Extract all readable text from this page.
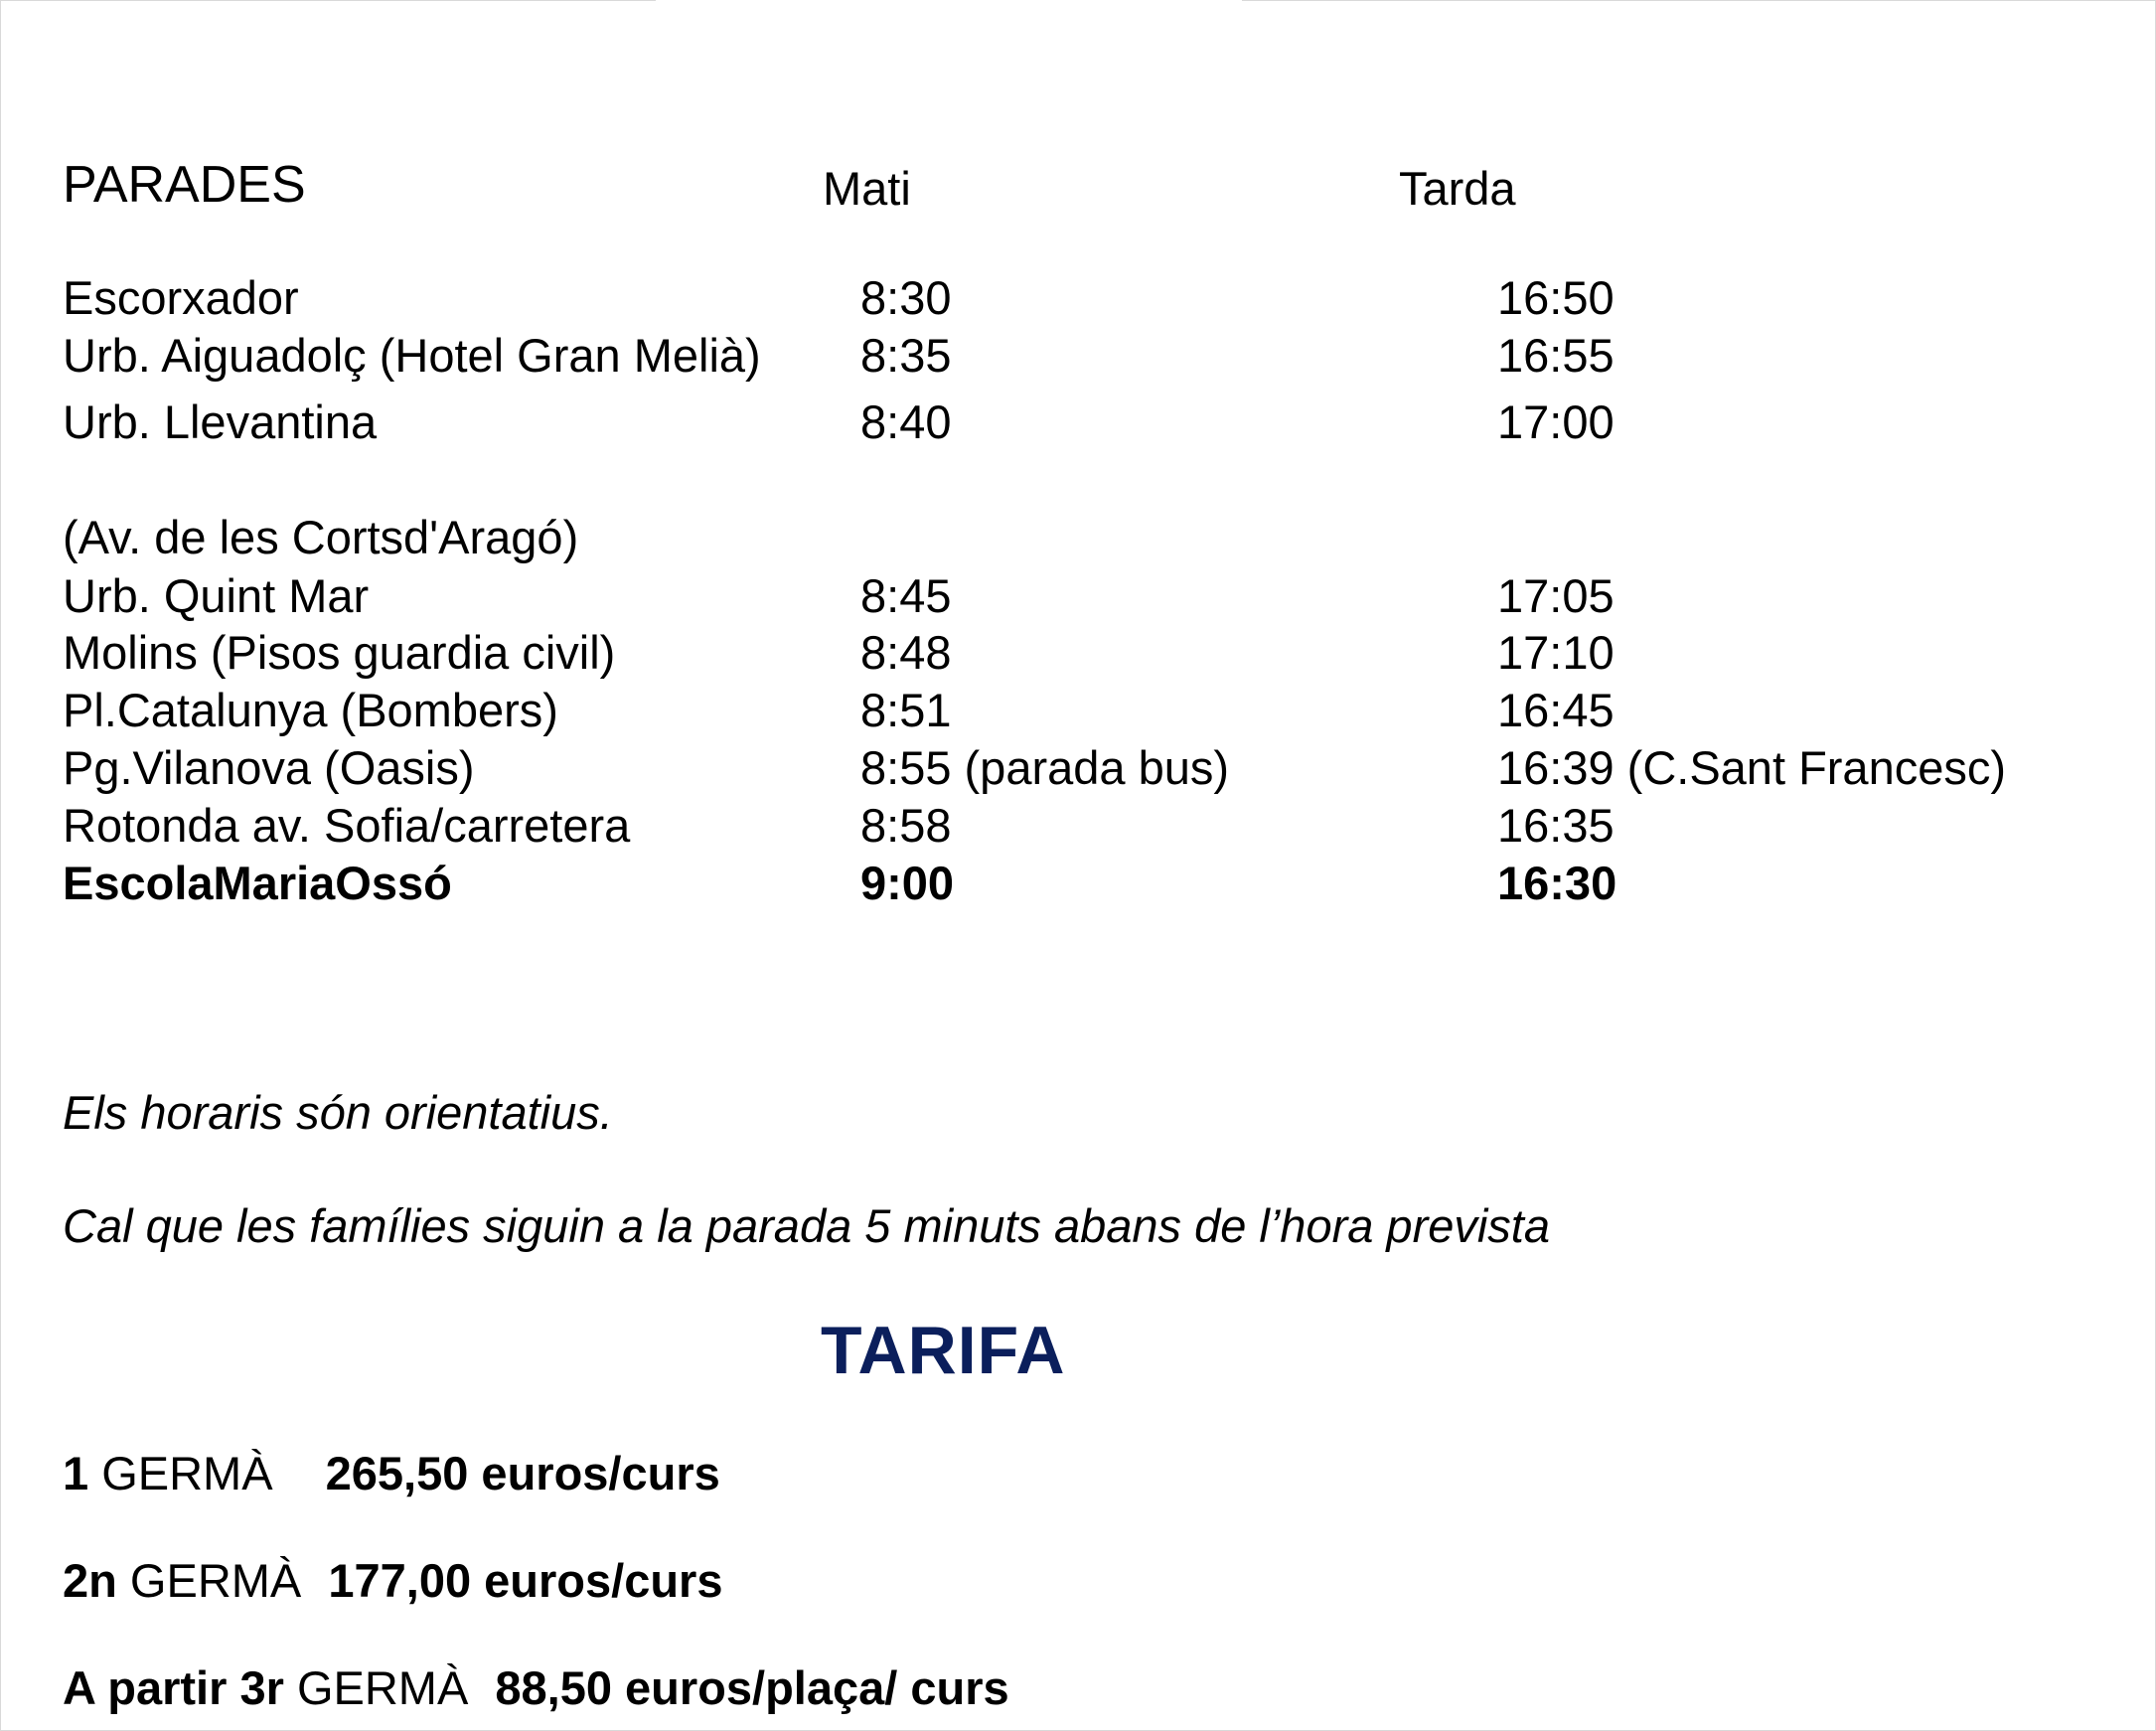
PARADES	Mati	Tarda
Escorxador	8:30	16:50
Urb. Aiguadolç (Hotel Gran Melià) 8:35	16:55
Urb. Llevantina	8:40	17:00
(Av. de les Cortsd'Aragó)
Urb. Quint Mar	8:45	17:05
Molins (Pisos guardia civil)	8:48	17:10
Pl.Catalunya (Bombers)	8:51	16:45
Pg.Vilanova (Oasis)	8:55 (parada bus)	16:39 (C.Sant Francesc)
Rotonda av. Sofia/carretera	8:58	16:35
EscolaMariaOssó	9:00	16:30
Els horaris són orientatius.
Cal que les famílies siguin a la parada 5 minuts abans de l’hora prevista
TARIFA
1 GERMÀ 265,50 euros/curs
2n GERMÀ 177,00 euros/curs
A partir 3r GERMÀ 88,50 euros/plaça/ curs
